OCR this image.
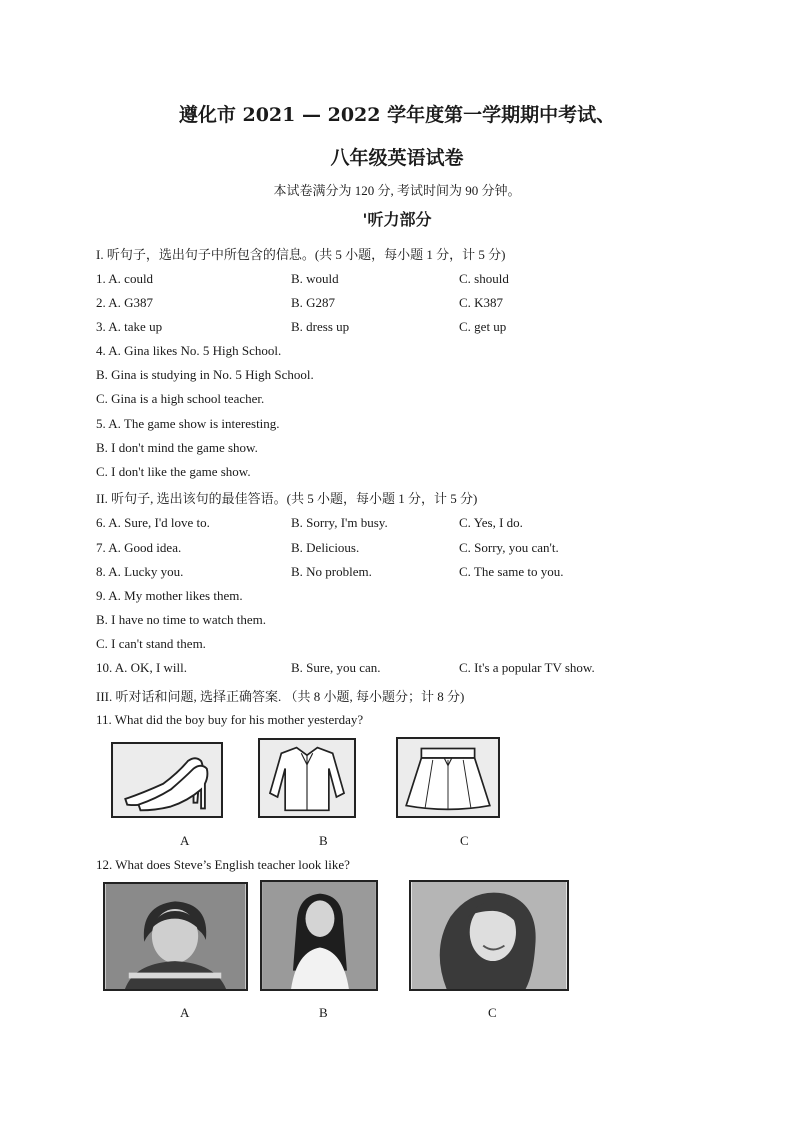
遵化市 2021 — 2022 学年度第一学期期中考试、
八年级英语试卷
本试卷满分为 120 分, 考试时间为 90 分钟。
'听力部分
I. 听句子，选出句子中所包含的信息。(共 5 小题，每小题 1 分，计 5 分)
1. A. could	B. would	C. should
2. A. G387	B. G287	C. K387
3. A. take up	B. dress up	C. get up
4. A. Gina likes No. 5 High School.
B. Gina is studying in No. 5 High School.
C. Gina is a high school teacher.
5. A. The game show is interesting.
B. I don't mind the game show.
C. I don't like the game show.
II. 听句子, 选出该句的最佳答语。(共 5 小题，每小题 1 分，计 5 分)
6. A. Sure, I'd love to.	B. Sorry, I'm busy.	C. Yes, I do.
7. A. Good idea.	B. Delicious.	C. Sorry, you can't.
8. A. Lucky you.	B. No problem.	C. The same to you.
9. A. My mother likes them.
B. I have no time to watch them.
C. I can't stand them.
10. A. OK, I will.	B. Sure, you can.	C. It's a popular TV show.
III. 听对话和问题, 选择正确答案. （共 8 小题, 每小题分；计 8 分)
11. What did the boy buy for his mother yesterday?
A	B	C
12. What does Steve’s English teacher look like?
A	B	C
